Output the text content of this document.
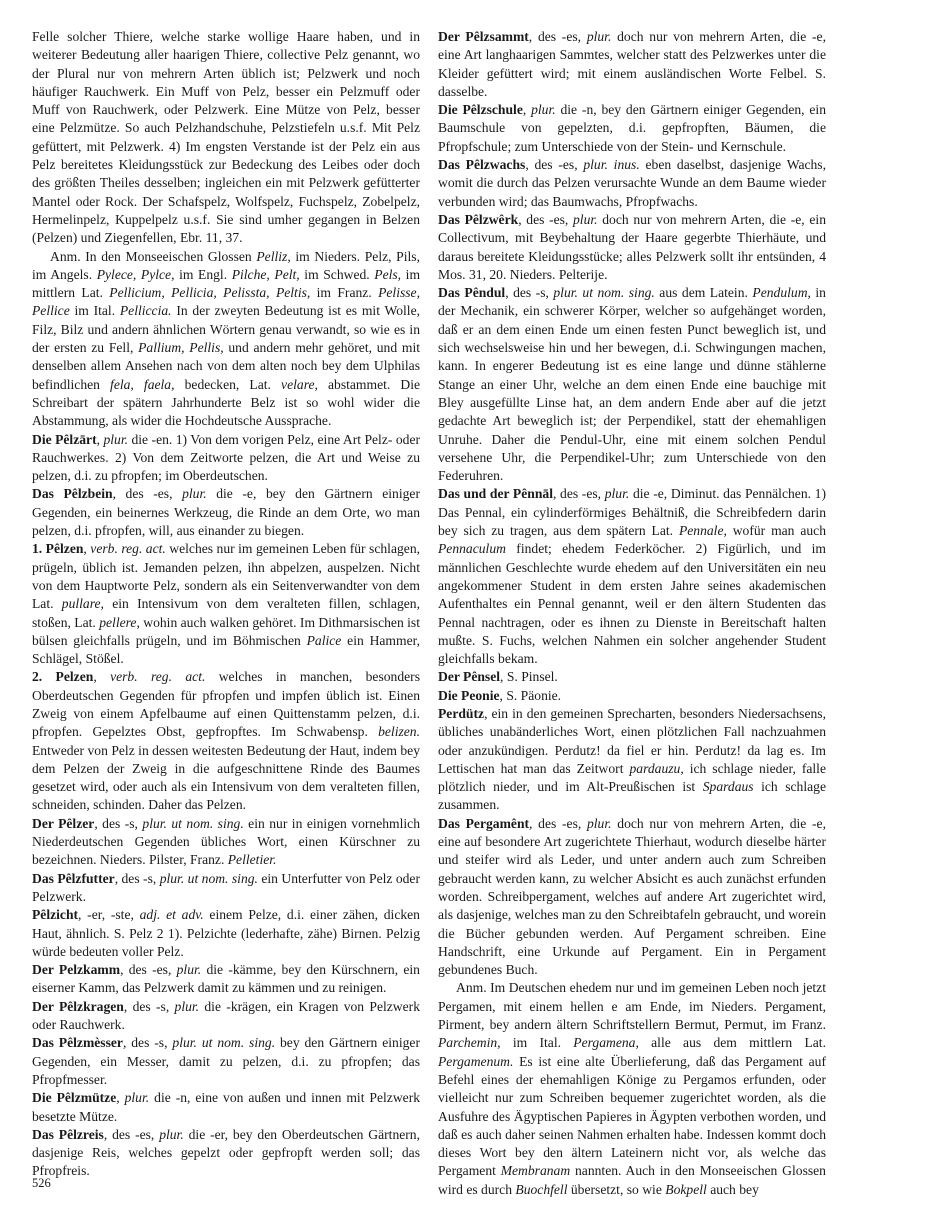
Felle solcher Thiere, welche starke wollige Haare haben, und in weiterer Bedeutung aller haarigen Thiere, collective Pelz genannt, wo der Plural nur von mehrern Arten üblich ist; Pelzwerk und noch häufiger Rauchwerk. Ein Muff von Pelz, besser ein Pelzmuff oder Muff von Rauchwerk, oder Pelzwerk. Eine Mütze von Pelz, besser eine Pelzmütze. So auch Pelzhandschuhe, Pelzstiefeln u.s.f. Mit Pelz gefüttert, mit Pelzwerk. 4) Im engsten Verstande ist der Pelz ein aus Pelz bereitetes Kleidungsstück zur Bedeckung des Leibes oder doch des größten Theiles desselben; ingleichen ein mit Pelzwerk gefütterter Mantel oder Rock. Der Schafspelz, Wolfspelz, Fuchspelz, Zobelpelz, Hermelinpelz, Kuppelpelz u.s.f. Sie sind umher gegangen in Belzen (Pelzen) und Ziegenfellen, Ebr. 11, 37.

Anm. In den Monseeischen Glossen Pelliz, im Nieders. Pelz, Pils, im Angels. Pylece, Pylce, im Engl. Pilche, Pelt, im Schwed. Pels, im mittlern Lat. Pellicium, Pellicia, Pelissta, Peltis, im Franz. Pelisse, Pellice im Ital. Pelliccia. In der zweyten Bedeutung ist es mit Wolle, Filz, Bilz und andern ähnlichen Wörtern genau verwandt, so wie es in der ersten zu Fell, Pallium, Pellis, und andern mehr gehöret, und mit denselben allem Ansehen nach von dem alten noch bey dem Ulphilas befindlichen fela, faela, bedecken, Lat. velare, abstammet. Die Schreibart der spätern Jahrhunderte Belz ist so wohl wider die Abstammung, als wider die Hochdeutsche Aussprache.

Die Pêlzārt, plur. die -en. 1) Von dem vorigen Pelz, eine Art Pelz- oder Rauchwerkes. 2) Von dem Zeitworte pelzen, die Art und Weise zu pelzen, d.i. zu pfropfen; im Oberdeutschen.

Das Pêlzbein, des -es, plur. die -e, bey den Gärtnern einiger Gegenden, ein beinernes Werkzeug, die Rinde an dem Orte, wo man pelzen, d.i. pfropfen, will, aus einander zu biegen.

1. Pêlzen, verb. reg. act. welches nur im gemeinen Leben für schlagen, prügeln, üblich ist. Jemanden pelzen, ihn abpelzen, auspelzen. Nicht von dem Hauptworte Pelz, sondern als ein Seitenverwandter von dem Lat. pullare, ein Intensivum von dem veralteten fillen, schlagen, stoßen, Lat. pellere, wohin auch walken gehöret. Im Dithmarsischen ist bülsen gleichfalls prügeln, und im Böhmischen Palice ein Hammer, Schlägel, Stößel.

2. Pelzen, verb. reg. act. welches in manchen, besonders Oberdeutschen Gegenden für pfropfen und impfen üblich ist. Einen Zweig von einem Apfelbaume auf einen Quittenstamm pelzen, d.i. pfropfen. Gepelztes Obst, gepfropftes. Im Schwabensp. belizen. Entweder von Pelz in dessen weitesten Bedeutung der Haut, indem bey dem Pelzen der Zweig in die aufgeschnittene Rinde des Baumes gesetzet wird, oder auch als ein Intensivum von dem veralteten fillen, schneiden, schinden. Daher das Pelzen.

Der Pêlzer, des -s, plur. ut nom. sing. ein nur in einigen vornehmlich Niederdeutschen Gegenden übliches Wort, einen Kürschner zu bezeichnen. Nieders. Pilster, Franz. Pelletier.

Das Pêlzfutter, des -s, plur. ut nom. sing. ein Unterfutter von Pelz oder Pelzwerk.

Pêlzicht, -er, -ste, adj. et adv. einem Pelze, d.i. einer zähen, dicken Haut, ähnlich. S. Pelz 2 1). Pelzichte (lederhafte, zähe) Birnen. Pelzig würde bedeuten voller Pelz.

Der Pelzkamm, des -es, plur. die -kämme, bey den Kürschnern, ein eiserner Kamm, das Pelzwerk damit zu kämmen und zu reinigen.

Der Pêlzkragen, des -s, plur. die -krägen, ein Kragen von Pelzwerk oder Rauchwerk.

Das Pêlzmèsser, des -s, plur. ut nom. sing. bey den Gärtnern einiger Gegenden, ein Messer, damit zu pelzen, d.i. zu pfropfen; das Pfropfmesser.

Die Pêlzmütze, plur. die -n, eine von außen und innen mit Pelzwerk besetzte Mütze.

Das Pêlzreis, des -es, plur. die -er, bey den Oberdeutschen Gärtnern, dasjenige Reis, welches gepelzt oder gepfropft werden soll; das Pfropfreis.

Der Pêlzsammt, des -es, plur. doch nur von mehrern Arten, die -e, eine Art langhaarigen Sammtes, welcher statt des Pelzwerkes unter die Kleider gefüttert wird; mit einem ausländischen Worte Felbel. S. dasselbe.

Die Pêlzschule, plur. die -n, bey den Gärtnern einiger Gegenden, ein Baumschule von gepelzten, d.i. gepfropften, Bäumen, die Pfropfschule; zum Unterschiede von der Stein- und Kernschule.

Das Pêlzwachs, des -es, plur. inus. eben daselbst, dasjenige Wachs, womit die durch das Pelzen verursachte Wunde an dem Baume wieder verbunden wird; das Baumwachs, Pfropfwachs.

Das Pêlzwêrk, des -es, plur. doch nur von mehrern Arten, die -e, ein Collectivum, mit Beybehaltung der Haare gegerbte Thierhäute, und daraus bereitete Kleidungsstücke; alles Pelzwerk sollt ihr entsünden, 4 Mos. 31, 20. Nieders. Pelterije.

Das Pêndul, des -s, plur. ut nom. sing. aus dem Latein. Pendulum, in der Mechanik, ein schwerer Körper, welcher so aufgehänget worden, daß er an dem einen Ende um einen festen Punct beweglich ist, und sich wechselsweise hin und her bewegen, d.i. Schwingungen machen, kann. In engerer Bedeutung ist es eine lange und dünne stählerne Stange an einer Uhr, welche an dem einen Ende eine bauchige mit Bley ausgefüllte Linse hat, an dem andern Ende aber auf die jetzt gedachte Art beweglich ist; der Perpendikel, statt der ehemahligen Unruhe. Daher die Pendul-Uhr, eine mit einem solchen Pendul versehene Uhr, die Perpendikel-Uhr; zum Unterschiede von den Federuhren.

Das und der Pênnāl, des -es, plur. die -e, Diminut. das Pennälchen. 1) Das Pennal, ein cylinderförmiges Behältniß, die Schreibfedern darin bey sich zu tragen, aus dem spätern Lat. Pennale, wofür man auch Pennaculum findet; ehedem Federköcher. 2) Figürlich, und im männlichen Geschlechte wurde ehedem auf den Universitäten ein neu angekommener Student in dem ersten Jahre seines akademischen Aufenthaltes ein Pennal genannt, weil er den ältern Studenten das Pennal nachtragen, oder es ihnen zu Dienste in Bereitschaft halten mußte. S. Fuchs, welchen Nahmen ein solcher angehender Student gleichfalls bekam.

Der Pênsel, S. Pinsel.

Die Peonie, S. Päonie.

Perdütz, ein in den gemeinen Sprecharten, besonders Niedersachsens, übliches unabänderliches Wort, einen plötzlichen Fall nachzuahmen oder anzukündigen. Perdutz! da fiel er hin. Perdutz! da lag es. Im Lettischen hat man das Zeitwort pardauzu, ich schlage nieder, falle plötzlich nieder, und im Alt-Preußischen ist Spardaus ich schlage zusammen.

Das Pergamênt, des -es, plur. doch nur von mehrern Arten, die -e, eine auf besondere Art zugerichtete Thierhaut, wodurch dieselbe härter und steifer wird als Leder, und unter andern auch zum Schreiben gebraucht werden kann, zu welcher Absicht es auch zunächst erfunden worden. Schreibpergament, welches auf andere Art zugerichtet wird, als dasjenige, welches man zu den Schreibtafeln gebraucht, und worein die Bücher gebunden werden. Auf Pergament schreiben. Eine Handschrift, eine Urkunde auf Pergament. Ein in Pergament gebundenes Buch.

Anm. Im Deutschen ehedem nur und im gemeinen Leben noch jetzt Pergamen, mit einem hellen e am Ende, im Nieders. Pergament, Pirment, bey andern ältern Schriftstellern Bermut, Permut, im Franz. Parchemin, im Ital. Pergamena, alle aus dem mittlern Lat. Pergamenum. Es ist eine alte Überlieferung, daß das Pergament auf Befehl eines der ehemahligen Könige zu Pergamos erfunden, oder vielleicht nur zum Schreiben bequemer zugerichtet worden, als die Ausfuhre des Ägyptischen Papieres in Ägypten verbothen worden, und daß es auch daher seinen Nahmen erhalten habe. Indessen kommt doch dieses Wort bey den ältern Lateinern nicht vor, als welche das Pergament Membranam nannten. Auch in den Monseeischen Glossen wird es durch Buochfell übersetzt, so wie Bokpell auch bey

526
